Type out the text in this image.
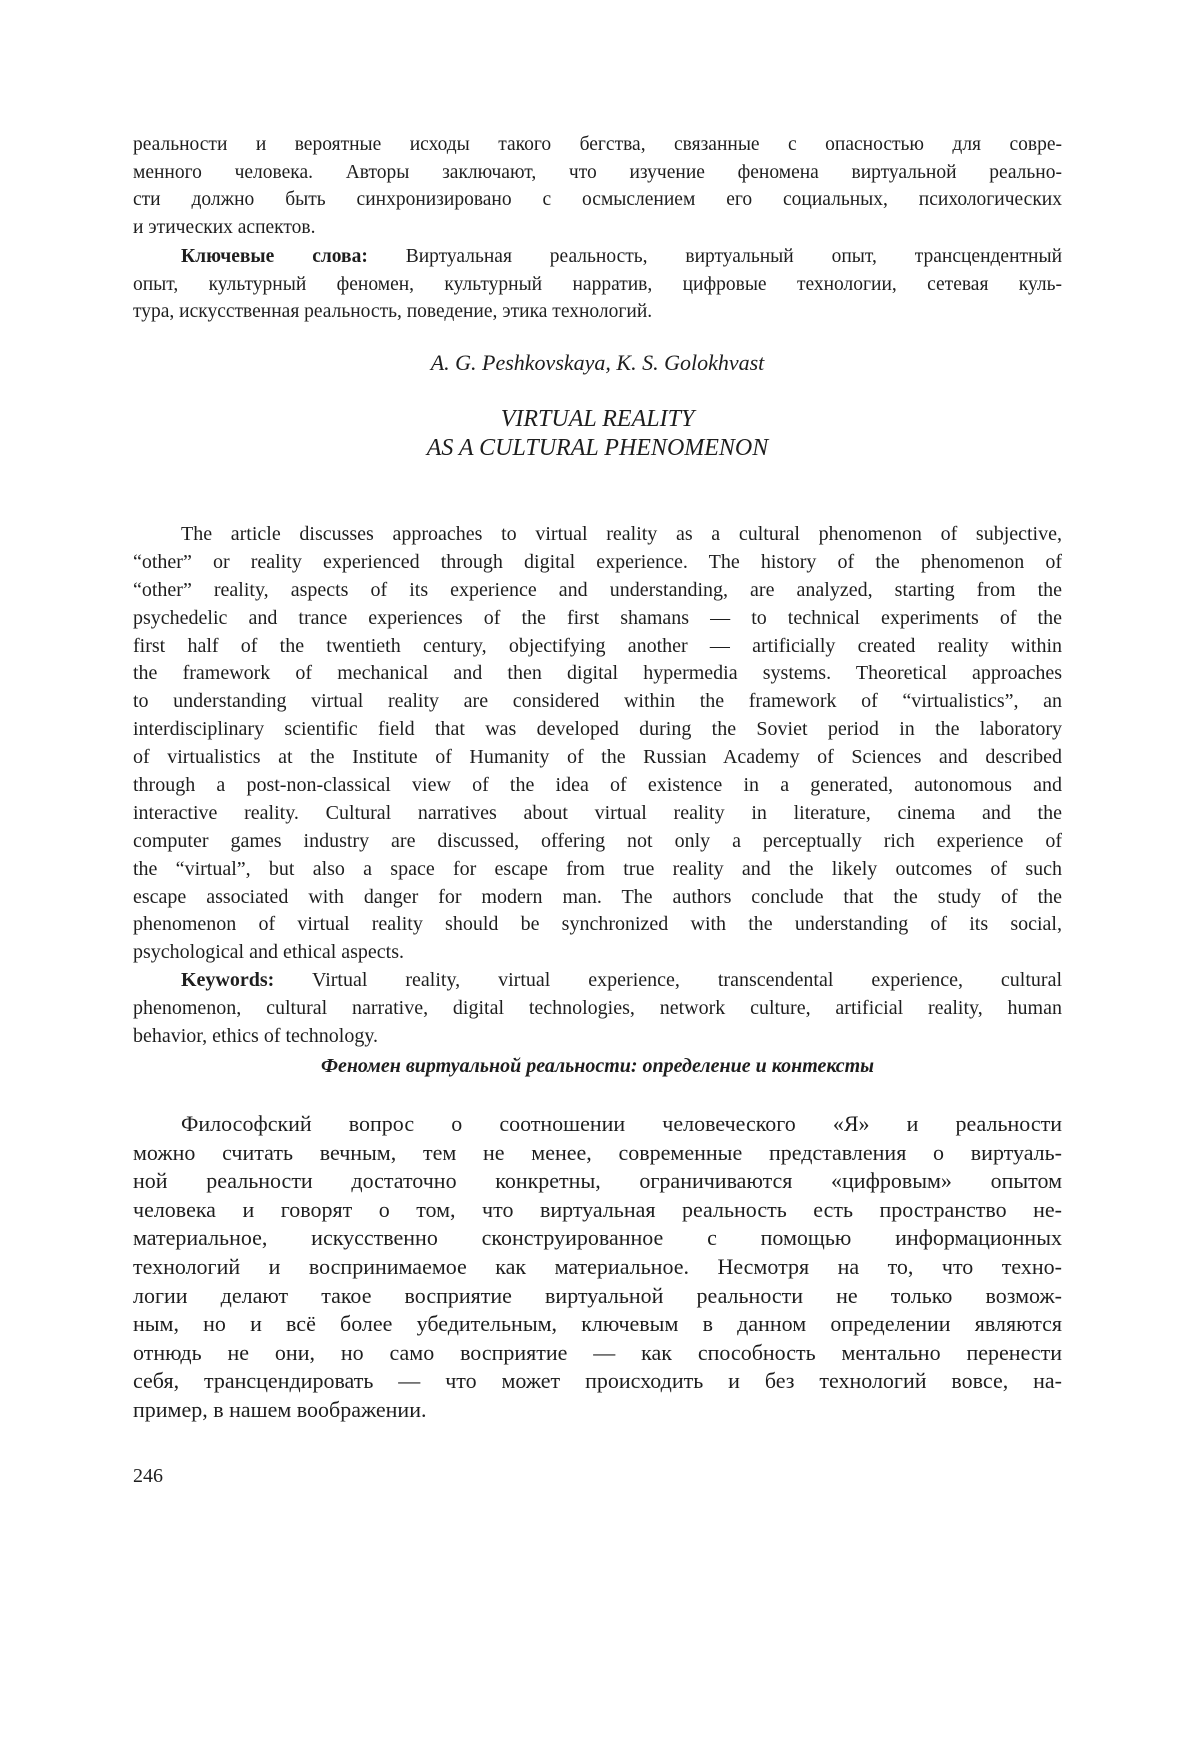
реальности и вероятные исходы такого бегства, связанные с опасностью для совре-
менного человека. Авторы заключают, что изучение феномена виртуальной реально-
сти должно быть синхронизировано с осмыслением его социальных, психологических
и этических аспектов.
Ключевые слова: Виртуальная реальность, виртуальный опыт, трансцендентный
опыт, культурный феномен, культурный нарратив, цифровые технологии, сетевая куль-
тура, искусственная реальность, поведение, этика технологий.
A. G. Peshkovskaya, K. S. Golokhvast
VIRTUAL REALITY
AS A CULTURAL PHENOMENON
The article discusses approaches to virtual reality as a cultural phenomenon of subjective,
“other” or reality experienced through digital experience. The history of the phenomenon of
“other” reality, aspects of its experience and understanding, are analyzed, starting from the
psychedelic and trance experiences of the first shamans — to technical experiments of the
first half of the twentieth century, objectifying another — artificially created reality within
the framework of mechanical and then digital hypermedia systems. Theoretical approaches
to understanding virtual reality are considered within the framework of “virtualistics”, an
interdisciplinary scientific field that was developed during the Soviet period in the laboratory
of virtualistics at the Institute of Humanity of the Russian Academy of Sciences and described
through a post-non-classical view of the idea of existence in a generated, autonomous and
interactive reality. Cultural narratives about virtual reality in literature, cinema and the
computer games industry are discussed, offering not only a perceptually rich experience of
the “virtual”, but also a space for escape from true reality and the likely outcomes of such
escape associated with danger for modern man. The authors conclude that the study of the
phenomenon of virtual reality should be synchronized with the understanding of its social,
psychological and ethical aspects.
Keywords: Virtual reality, virtual experience, transcendental experience, cultural
phenomenon, cultural narrative, digital technologies, network culture, artificial reality, human
behavior, ethics of technology.
Феномен виртуальной реальности: определение и контексты
Философский вопрос о соотношении человеческого «Я» и реальности
можно считать вечным, тем не менее, современные представления о виртуаль-
ной реальности достаточно конкретны, ограничиваются «цифровым» опытом
человека и говорят о том, что виртуальная реальность есть пространство не-
материальное, искусственно сконструированное с помощью информационных
технологий и воспринимаемое как материальное. Несмотря на то, что техно-
логии делают такое восприятие виртуальной реальности не только возмож-
ным, но и всё более убедительным, ключевым в данном определении являются
отнюдь не они, но само восприятие — как способность ментально перенести
себя, трансцендировать — что может происходить и без технологий вовсе, на-
пример, в нашем воображении.
246
